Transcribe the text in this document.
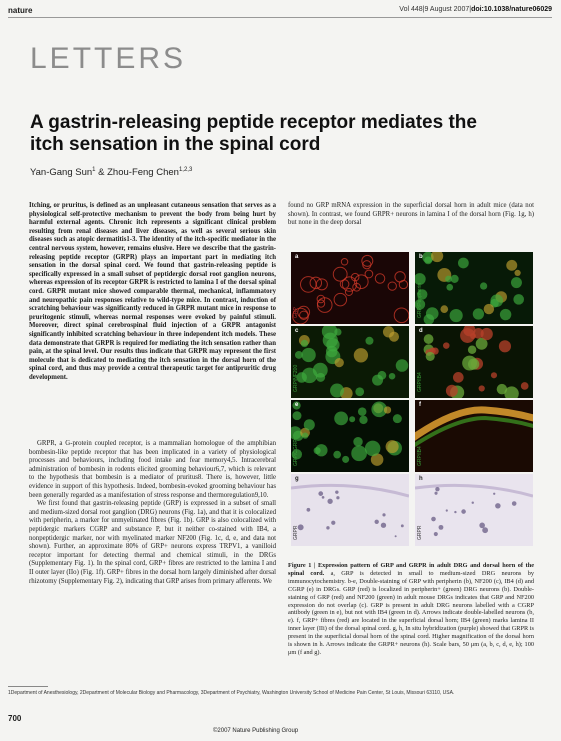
nature	Vol 448|9 August 2007|doi:10.1038/nature06029
LETTERS
A gastrin-releasing peptide receptor mediates the itch sensation in the spinal cord
Yan-Gang Sun$^1$ & Zhou-Feng Chen$^{1,2,3}$
Itching, or pruritus, is defined as an unpleasant cutaneous sensation that serves as a physiological self-protective mechanism to prevent the body from being hurt by harmful external agents. Chronic itch represents a significant clinical problem resulting from renal diseases and liver diseases, as well as several serious skin diseases such as atopic dermatitis1-3. The identity of the itch-specific mediator in the central nervous system, however, remains elusive. Here we describe that the gastrin-releasing peptide receptor (GRPR) plays an important part in mediating itch sensation in the dorsal spinal cord. We found that gastrin-releasing peptide is specifically expressed in a small subset of peptidergic dorsal root ganglion neurons, whereas expression of its receptor GRPR is restricted to lamina I of the dorsal spinal cord. GRPR mutant mice showed comparable thermal, mechanical, inflammatory and neuropathic pain responses relative to wild-type mice. In contrast, induction of scratching behaviour was significantly reduced in GRPR mutant mice in response to pruritogenic stimuli, whereas normal responses were evoked by painful stimuli. Moreover, direct spinal cerebrospinal fluid injection of a GRPR antagonist significantly inhibited scratching behaviour in three independent itch models. These data demonstrate that GRPR is required for mediating the itch sensation rather than pain, at the spinal level. Our results thus indicate that GRPR may represent the first molecule that is dedicated to mediating the itch sensation in the dorsal horn of the spinal cord, and thus may provide a central therapeutic target for antipruritic drug development.

GRPR, a G-protein coupled receptor, is a mammalian homologue of the amphibian bombesin-like peptide receptor that has been implicated in a variety of physiological processes and behaviours, including food intake and fear memory4,5. Intracerebral administration of bombesin in rodents elicited grooming behaviour6,7, which is relevant to the hypothesis that bombesin is a mediator of pruritus8. There is, however, little evidence in support of this hypothesis. Indeed, bombesin-evoked grooming behaviour has been generally regarded as a manifestation of stress response and thermoregulation9,10.

We first found that gastrin-releasing peptide (GRP) is expressed in a subset of small and medium-sized dorsal root ganglion (DRG) neurons (Fig. 1a), and that it is colocalized with peripherin, a marker for unmyelinated fibres (Fig. 1b). GRP is also colocalized with peptidergic markers CGRP and substance P, but it neither co-stained with IB4, a nonpeptidergic marker, nor with myelinated marker NF200 (Fig. 1c, d, e, and data not shown). Further, an approximate 80% of GRP+ neurons express TRPV1, a vanilloid receptor important for detecting thermal and chemical stimuli, in the DRGs (Supplementary Fig. 1). In the spinal cord, GRP+ fibres are restricted to the lamina I and II outer layer (IIo) (Fig. 1f). GRP+ fibres in the dorsal horn largely diminished after dorsal rhizotomy (Supplementary Fig. 2), indicating that GRP arises from primary afferents. We

found no GRP mRNA expression in the superficial dorsal horn in adult mice (data not shown). In contrast, we found GRPR+ neurons in lamina I of the dorsal horn (Fig. 1g, h) but none in the deep dorsal
a
GRP
b
GRP/Peripherin
c
GRP/NF200
d
GRP/IB4
e
GRP/CGRP
f
GRP/IB4
g
GRPR
h
GRPR
Figure 1 | Expression pattern of GRP and GRPR in adult DRG and dorsal horn of the spinal cord. a, GRP is detected in small to medium-sized DRG neurons by immunocytochemistry. b-e, Double-staining of GRP with peripherin (b), NF200 (c), IB4 (d) and CGRP (e) in DRGs. GRP (red) is localized in peripherin+ (green) DRG neurons (b). Double-staining of GRP (red) and NF200 (green) in adult mouse DRGs indicates that GRP and NF200 expression do not overlap (c). GRP is present in adult DRG neurons labelled with a CGRP antibody (green in e), but not with IB4 (green in d). Arrows indicate double-labelled neurons (b, e). f, GRP+ fibres (red) are located in the superficial dorsal horn; IB4 (green) marks lamina II inner layer (IIi) of the dorsal spinal cord. g, h, In situ hybridization (purple) showed that GRPR is present in the superficial dorsal horn of the spinal cord. Higher magnification of the dorsal horn is shown in h. Arrows indicate the GRPR+ neurons (h). Scale bars, 50 μm (a, b, c, d, e, h); 100 μm (f and g).
1Department of Anesthesiology, 2Department of Molecular Biology and Pharmacology, 3Department of Psychiatry, Washington University School of Medicine Pain Center, St Louis, Missouri 63110, USA.
700
©2007 Nature Publishing Group
